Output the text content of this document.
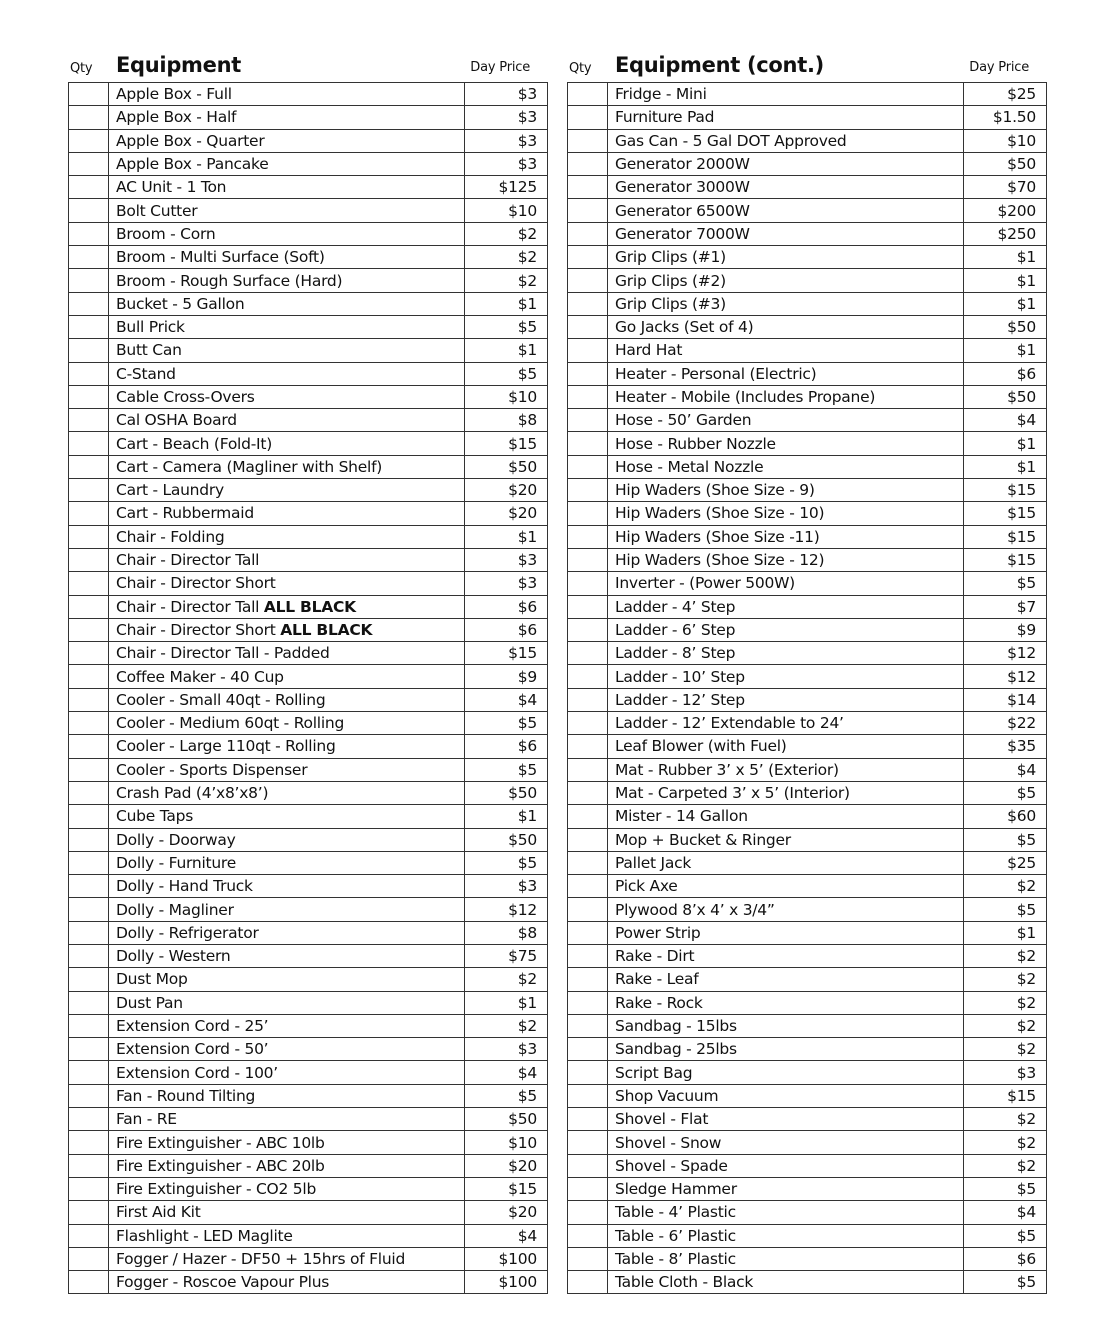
Qty Equipment	Day Price
	Apple Box - Full	$3
	Apple Box - Half	$3
	Apple Box - Quarter	$3
	Apple Box - Pancake	$3
	AC Unit - 1 Ton	$125
	Bolt Cutter	$10
	Broom - Corn	$2
	Broom - Multi Surface (Soft)	$2
	Broom - Rough Surface (Hard)	$2
	Bucket - 5 Gallon	$1
	Bull Prick	$5
	Butt Can	$1
	C-Stand	$5
	Cable Cross-Overs	$10
	Cal OSHA Board	$8
	Cart - Beach (Fold-It)	$15
	Cart - Camera (Magliner with Shelf)	$50
	Cart - Laundry	$20
	Cart - Rubbermaid	$20
	Chair - Folding	$1
	Chair - Director Tall	$3
	Chair - Director Short	$3
	Chair - Director Tall ALL BLACK	$6
	Chair - Director Short ALL BLACK	$6
	Chair - Director Tall - Padded	$15
	Coffee Maker - 40 Cup	$9
	Cooler - Small 40qt - Rolling	$4
	Cooler - Medium 60qt - Rolling	$5
	Cooler - Large 110qt - Rolling	$6
	Cooler - Sports Dispenser	$5
	Crash Pad (4’x8’x8’)	$50
	Cube Taps	$1
	Dolly - Doorway	$50
	Dolly - Furniture	$5
	Dolly - Hand Truck	$3
	Dolly - Magliner	$12
	Dolly - Refrigerator	$8
	Dolly - Western	$75
	Dust Mop	$2
	Dust Pan	$1
	Extension Cord - 25’	$2
	Extension Cord - 50’	$3
	Extension Cord - 100’	$4
	Fan - Round Tilting	$5
	Fan - RE	$50
	Fire Extinguisher - ABC 10lb	$10
	Fire Extinguisher - ABC 20lb	$20
	Fire Extinguisher - CO2 5lb	$15
	First Aid Kit	$20
	Flashlight - LED Maglite	$4
	Fogger / Hazer - DF50 + 15hrs of Fluid	$100
	Fogger - Roscoe Vapour Plus	$100
Qty Equipment (cont.)	Day Price
	Fridge - Mini	$25
	Furniture Pad	$1.50
	Gas Can - 5 Gal DOT Approved	$10
	Generator 2000W	$50
	Generator 3000W	$70
	Generator 6500W	$200
	Generator 7000W	$250
	Grip Clips (#1)	$1
	Grip Clips (#2)	$1
	Grip Clips (#3)	$1
	Go Jacks (Set of 4)	$50
	Hard Hat	$1
	Heater - Personal (Electric)	$6
	Heater - Mobile (Includes Propane)	$50
	Hose - 50’ Garden	$4
	Hose - Rubber Nozzle	$1
	Hose - Metal Nozzle	$1
	Hip Waders (Shoe Size - 9)	$15
	Hip Waders (Shoe Size - 10)	$15
	Hip Waders (Shoe Size -11)	$15
	Hip Waders (Shoe Size - 12)	$15
	Inverter - (Power 500W)	$5
	Ladder - 4’ Step	$7
	Ladder - 6’ Step	$9
	Ladder - 8’ Step	$12
	Ladder - 10’ Step	$12
	Ladder - 12’ Step	$14
	Ladder - 12’ Extendable to 24’	$22
	Leaf Blower (with Fuel)	$35
	Mat - Rubber 3’ x 5’ (Exterior)	$4
	Mat - Carpeted 3’ x 5’ (Interior)	$5
	Mister - 14 Gallon	$60
	Mop + Bucket & Ringer	$5
	Pallet Jack	$25
	Pick Axe	$2
	Plywood 8’x 4’ x 3/4”	$5
	Power Strip	$1
	Rake - Dirt	$2
	Rake - Leaf	$2
	Rake - Rock	$2
	Sandbag - 15lbs	$2
	Sandbag - 25lbs	$2
	Script Bag	$3
	Shop Vacuum	$15
	Shovel - Flat	$2
	Shovel - Snow	$2
	Shovel - Spade	$2
	Sledge Hammer	$5
	Table - 4’ Plastic	$4
	Table - 6’ Plastic	$5
	Table - 8’ Plastic	$6
	Table Cloth - Black	$5
